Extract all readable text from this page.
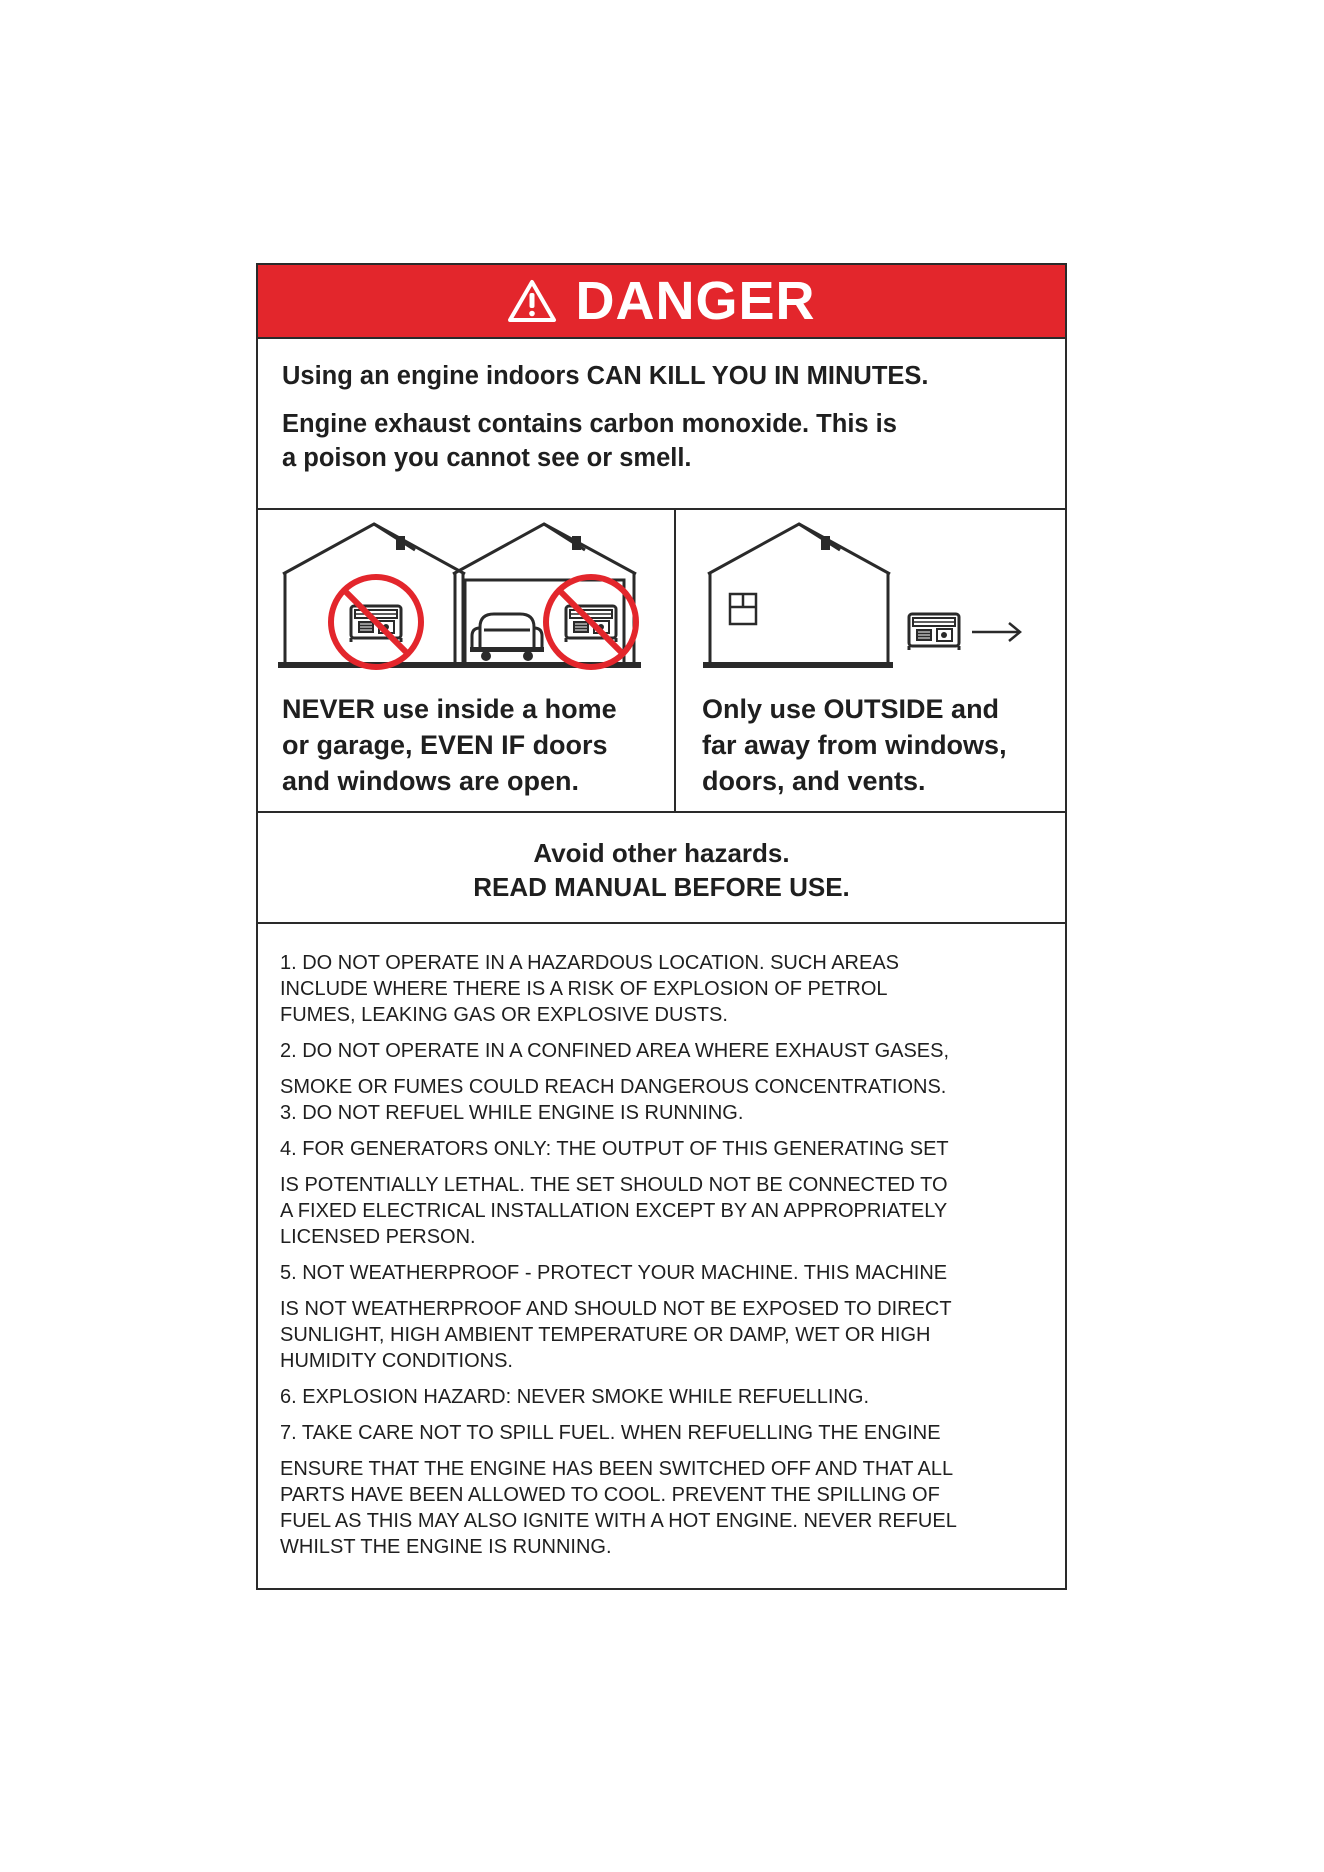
DANGER

Using an engine indoors CAN KILL YOU IN MINUTES.

Engine exhaust contains carbon monoxide. This is
a poison you cannot see or smell.

NEVER use inside a home
or garage, EVEN IF doors
and windows are open.

Only use OUTSIDE and
far away from windows,
doors, and vents.

Avoid other hazards.
READ MANUAL BEFORE USE.
1. DO NOT OPERATE IN A HAZARDOUS LOCATION. SUCH AREAS
INCLUDE WHERE THERE IS A RISK OF EXPLOSION OF PETROL
FUMES, LEAKING GAS OR EXPLOSIVE DUSTS.
2. DO NOT OPERATE IN A CONFINED AREA WHERE EXHAUST GASES,
SMOKE OR FUMES COULD REACH DANGEROUS CONCENTRATIONS.
3. DO NOT REFUEL WHILE ENGINE IS RUNNING.
4. FOR GENERATORS ONLY: THE OUTPUT OF THIS GENERATING SET
IS POTENTIALLY LETHAL. THE SET SHOULD NOT BE CONNECTED TO
A FIXED ELECTRICAL INSTALLATION EXCEPT BY AN APPROPRIATELY
LICENSED PERSON.
5. NOT WEATHERPROOF - PROTECT YOUR MACHINE. THIS MACHINE
IS NOT WEATHERPROOF AND SHOULD NOT BE EXPOSED TO DIRECT
SUNLIGHT, HIGH AMBIENT TEMPERATURE OR DAMP, WET OR HIGH
HUMIDITY CONDITIONS.
6. EXPLOSION HAZARD: NEVER SMOKE WHILE REFUELLING.
7. TAKE CARE NOT TO SPILL FUEL. WHEN REFUELLING THE ENGINE
ENSURE THAT THE ENGINE HAS BEEN SWITCHED OFF AND THAT ALL
PARTS HAVE BEEN ALLOWED TO COOL. PREVENT THE SPILLING OF
FUEL AS THIS MAY ALSO IGNITE WITH A HOT ENGINE. NEVER REFUEL
WHILST THE ENGINE IS RUNNING.
